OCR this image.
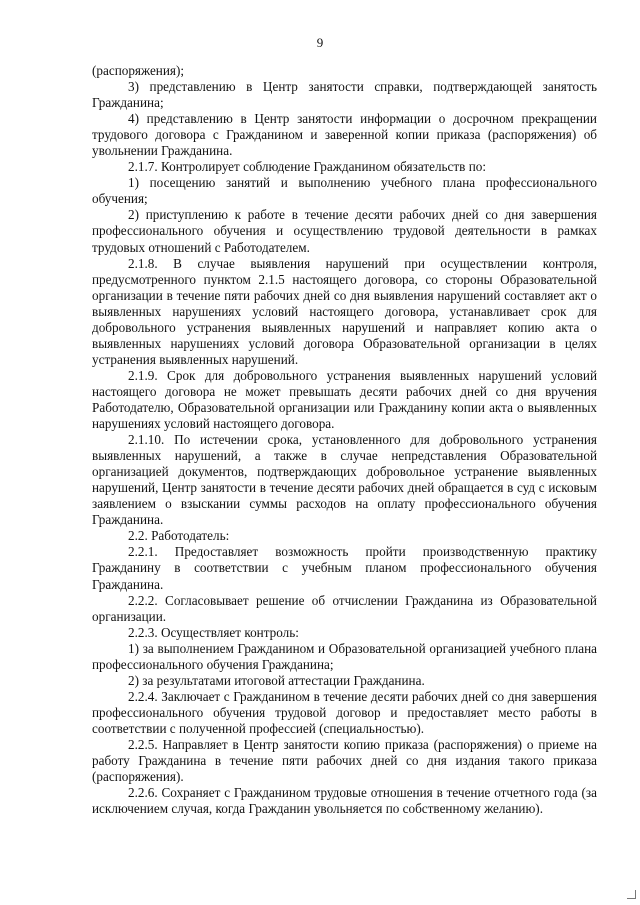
9

(распоряжения);

3) представлению в Центр занятости справки, подтверждающей занятость Гражданина;

4) представлению в Центр занятости информации о досрочном прекращении трудового договора с Гражданином и заверенной копии приказа (распоряжения) об увольнении Гражданина.

2.1.7. Контролирует соблюдение Гражданином обязательств по:

1) посещению занятий и выполнению учебного плана профессионального обучения;

2) приступлению к работе в течение десяти рабочих дней со дня завершения профессионального обучения и осуществлению трудовой деятельности в рамках трудовых отношений с Работодателем.

2.1.8. В случае выявления нарушений при осуществлении контроля, предусмотренного пунктом 2.1.5 настоящего договора, со стороны Образовательной организации в течение пяти рабочих дней со дня выявления нарушений составляет акт о выявленных нарушениях условий настоящего договора, устанавливает срок для добровольного устранения выявленных нарушений и направляет копию акта о выявленных нарушениях условий договора Образовательной организации в целях устранения выявленных нарушений.

2.1.9. Срок для добровольного устранения выявленных нарушений условий настоящего договора не может превышать десяти рабочих дней со дня вручения Работодателю, Образовательной организации или Гражданину копии акта о выявленных нарушениях условий настоящего договора.

2.1.10. По истечении срока, установленного для добровольного устранения выявленных нарушений, а также в случае непредставления Образовательной организацией документов, подтверждающих добровольное устранение выявленных нарушений, Центр занятости в течение десяти рабочих дней обращается в суд с исковым заявлением о взыскании суммы расходов на оплату профессионального обучения Гражданина.

2.2. Работодатель:

2.2.1. Предоставляет возможность пройти производственную практику Гражданину в соответствии с учебным планом профессионального обучения Гражданина.

2.2.2. Согласовывает решение об отчислении Гражданина из Образовательной организации.

2.2.3. Осуществляет контроль:

1) за выполнением Гражданином и Образовательной организацией учебного плана профессионального обучения Гражданина;

2) за результатами итоговой аттестации Гражданина.

2.2.4. Заключает с Гражданином в течение десяти рабочих дней со дня завершения профессионального обучения трудовой договор и предоставляет место работы в соответствии с полученной профессией (специальностью).

2.2.5. Направляет в Центр занятости копию приказа (распоряжения) о приеме на работу Гражданина в течение пяти рабочих дней со дня издания такого приказа (распоряжения).

2.2.6. Сохраняет с Гражданином трудовые отношения в течение отчетного года (за исключением случая, когда Гражданин увольняется по собственному желанию).
